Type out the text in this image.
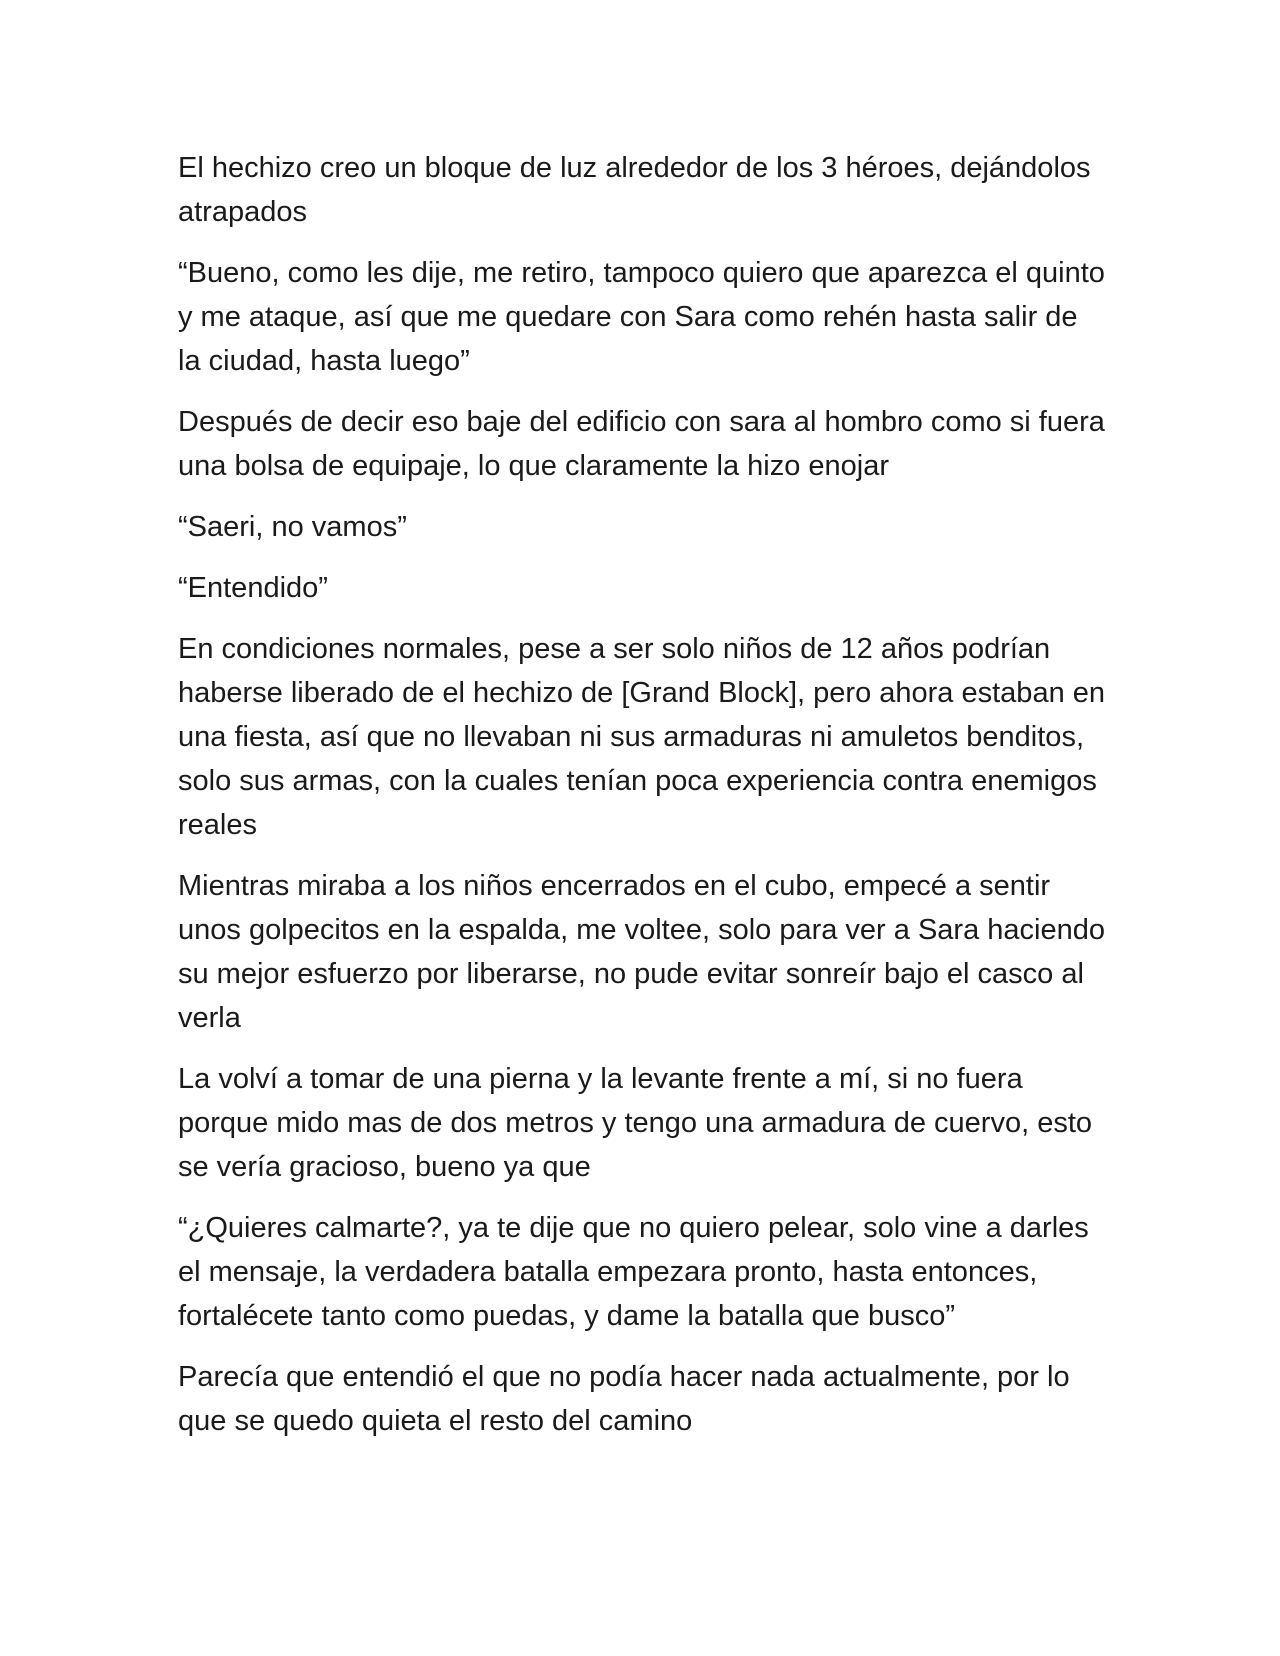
El hechizo creo un bloque de luz alrededor de los 3 héroes, dejándolos atrapados

“Bueno, como les dije, me retiro, tampoco quiero que aparezca el quinto y me ataque, así que me quedare con Sara como rehén hasta salir de la ciudad, hasta luego”

Después de decir eso baje del edificio con sara al hombro como si fuera una bolsa de equipaje, lo que claramente la hizo enojar

“Saeri, no vamos”

“Entendido”

En condiciones normales, pese a ser solo niños de 12 años podrían haberse liberado de el hechizo de [Grand Block], pero ahora estaban en una fiesta, así que no llevaban ni sus armaduras ni amuletos benditos, solo sus armas, con la cuales tenían poca experiencia contra enemigos reales

Mientras miraba a los niños encerrados en el cubo, empecé a sentir unos golpecitos en la espalda, me voltee, solo para ver a Sara haciendo su mejor esfuerzo por liberarse, no pude evitar sonreír bajo el casco al verla

La volví a tomar de una pierna y la levante frente a mí, si no fuera porque mido mas de dos metros y tengo una armadura de cuervo, esto se vería gracioso, bueno ya que

“¿Quieres calmarte?, ya te dije que no quiero pelear, solo vine a darles el mensaje, la verdadera batalla empezara pronto, hasta entonces, fortalécete tanto como puedas, y dame la batalla que busco”

Parecía que entendió el que no podía hacer nada actualmente, por lo que se quedo quieta el resto del camino
